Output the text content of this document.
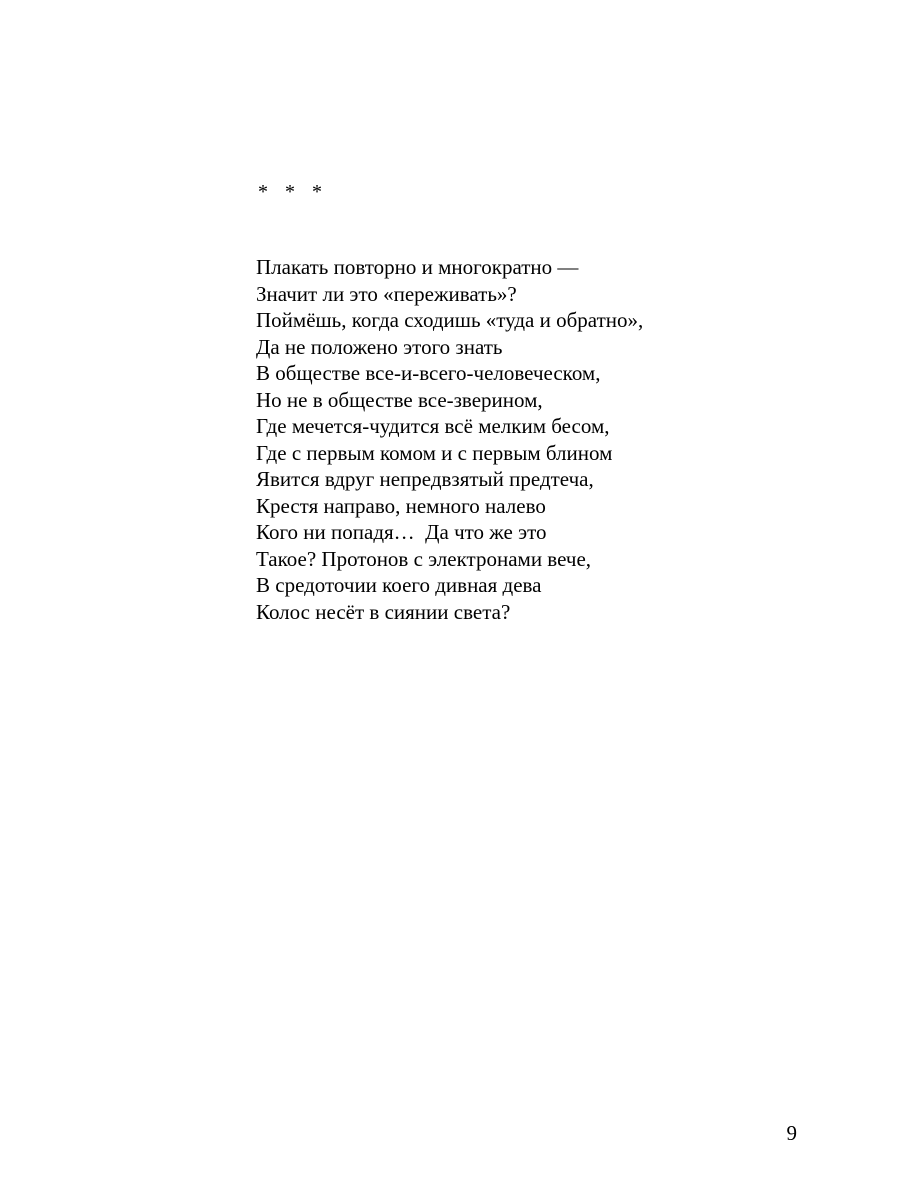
* * *
Плакать повторно и многократно —
Значит ли это «переживать»?
Поймёшь, когда сходишь «туда и обратно»,
Да не положено этого знать
В обществе все-и-всего-человеческом,
Но не в обществе все-зверином,
Где мечется-чудится всё мелким бесом,
Где с первым комом и с первым блином
Явится вдруг непредвзятый предтеча,
Крестя направо, немного налево
Кого ни попадя…  Да что же это
Такое? Протонов с электронами вече,
В средоточии коего дивная дева
Колос несёт в сиянии света?
9
